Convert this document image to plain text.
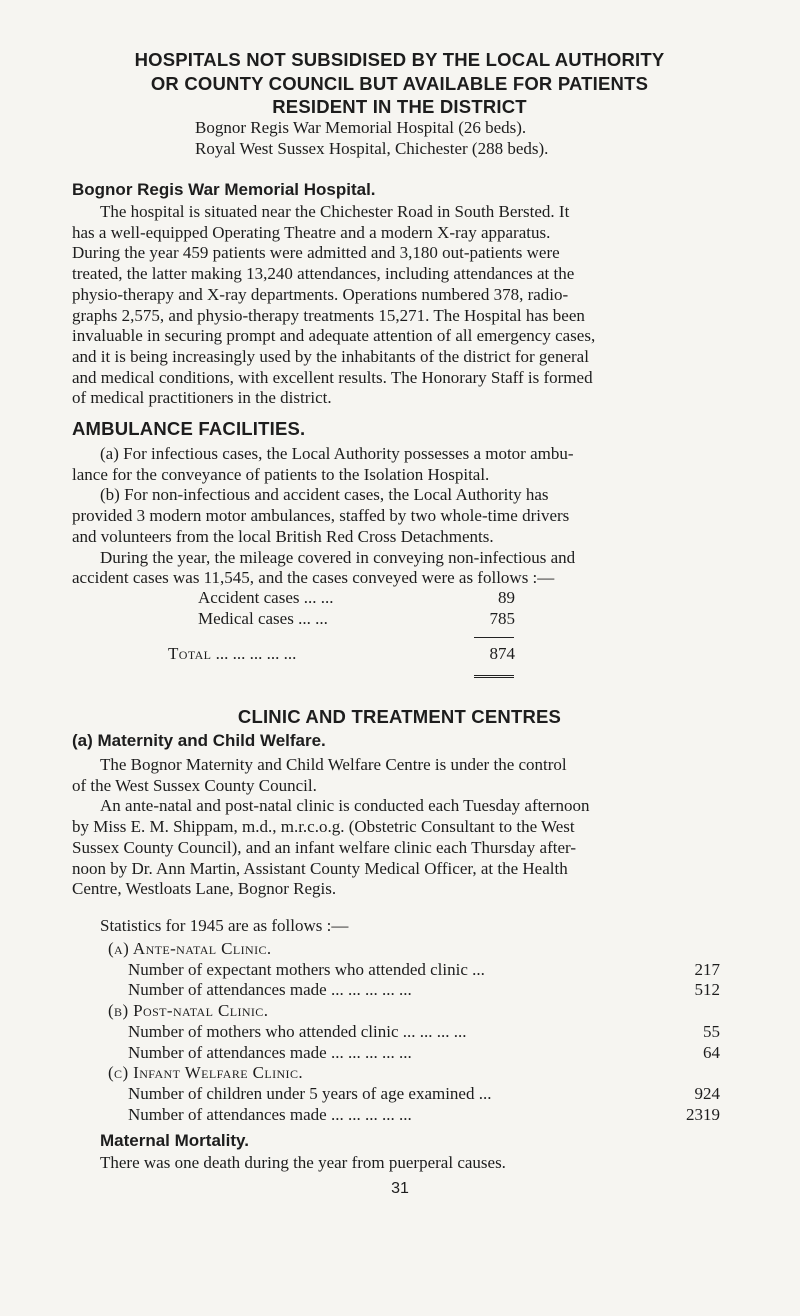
HOSPITALS NOT SUBSIDISED BY THE LOCAL AUTHORITY
OR COUNTY COUNCIL BUT AVAILABLE FOR PATIENTS
RESIDENT IN THE DISTRICT
Bognor Regis War Memorial Hospital (26 beds).
Royal West Sussex Hospital, Chichester (288 beds).
Bognor Regis War Memorial Hospital.
The hospital is situated near the Chichester Road in South Bersted. It
has a well-equipped Operating Theatre and a modern X-ray apparatus.
During the year 459 patients were admitted and 3,180 out-patients were
treated, the latter making 13,240 attendances, including attendances at the
physio-therapy and X-ray departments. Operations numbered 378, radio-
graphs 2,575, and physio-therapy treatments 15,271. The Hospital has been
invaluable in securing prompt and adequate attention of all emergency cases,
and it is being increasingly used by the inhabitants of the district for general
and medical conditions, with excellent results. The Honorary Staff is formed
of medical practitioners in the district.
AMBULANCE FACILITIES.
(a) For infectious cases, the Local Authority possesses a motor ambu-
lance for the conveyance of patients to the Isolation Hospital.
(b) For non-infectious and accident cases, the Local Authority has
provided 3 modern motor ambulances, staffed by two whole-time drivers
and volunteers from the local British Red Cross Detachments.
During the year, the mileage covered in conveying non-infectious and
accident cases was 11,545, and the cases conveyed were as follows :—
Accident cases ... ...	89
Medical cases ... ...	785
Total ... ... ... ... ...	874
CLINIC AND TREATMENT CENTRES
(a) Maternity and Child Welfare.
The Bognor Maternity and Child Welfare Centre is under the control
of the West Sussex County Council.
An ante-natal and post-natal clinic is conducted each Tuesday afternoon
by Miss E. M. Shippam, m.d., m.r.c.o.g. (Obstetric Consultant to the West
Sussex County Council), and an infant welfare clinic each Thursday after-
noon by Dr. Ann Martin, Assistant County Medical Officer, at the Health
Centre, Westloats Lane, Bognor Regis.
Statistics for 1945 are as follows :—
(a) Ante-natal Clinic.
Number of expectant mothers who attended clinic ...	217
Number of attendances made ... ... ... ... ...	512
(b) Post-natal Clinic.
Number of mothers who attended clinic ... ... ... ...	55
Number of attendances made ... ... ... ... ...	64
(c) Infant Welfare Clinic.
Number of children under 5 years of age examined ...	924
Number of attendances made ... ... ... ... ...	2319
Maternal Mortality.
There was one death during the year from puerperal causes.
31
